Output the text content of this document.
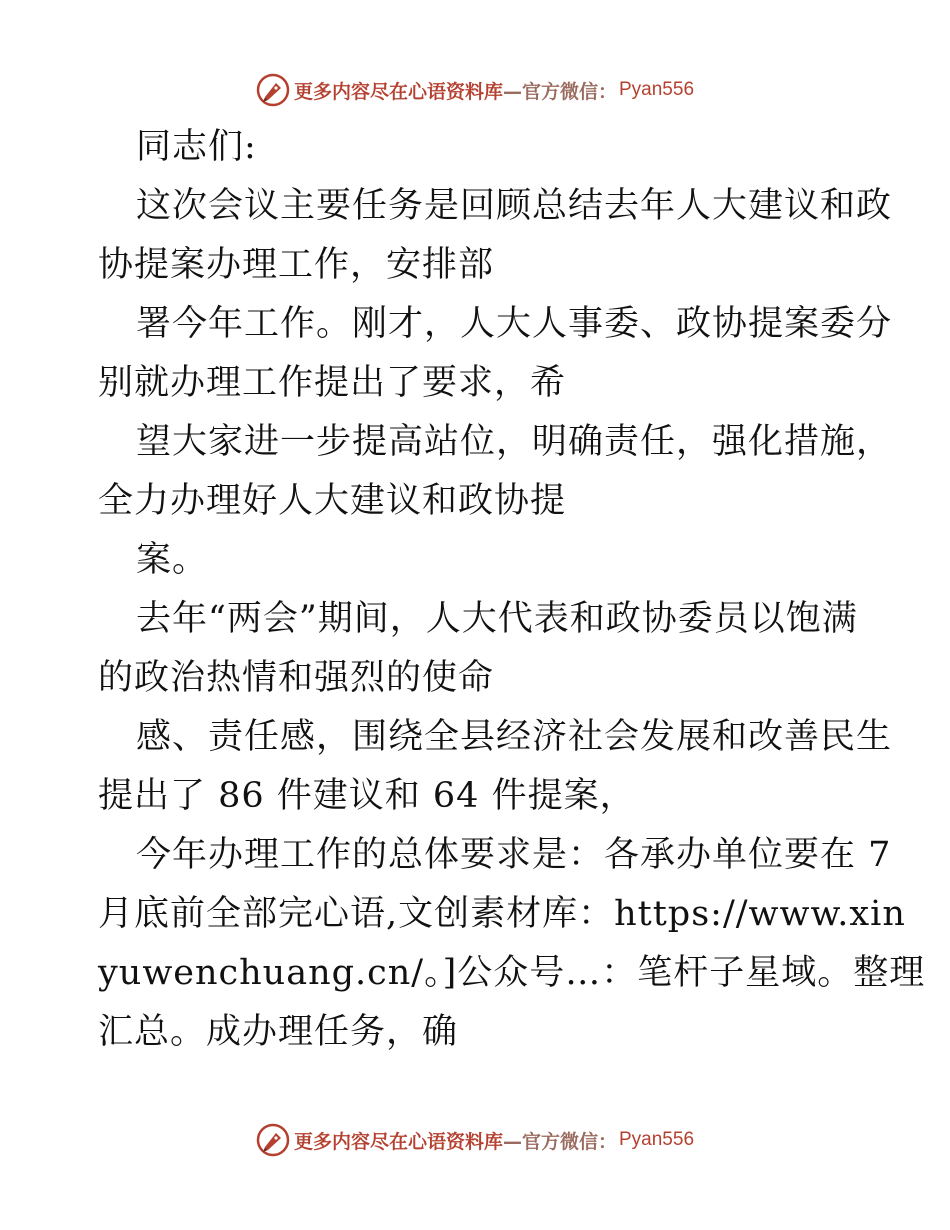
更多内容尽在心语资料库 —官方微信： Pyan556
同志们:
这次会议主要任务是回顾总结去年人大建议和政
协提案办理工作，安排部
署今年工作。刚才，人大人事委、政协提案委分
别就办理工作提出了要求，希
望大家进一步提高站位，明确责任，强化措施，
全力办理好人大建议和政协提
案。
去年“两会”期间，人大代表和政协委员以饱满
的政治热情和强烈的使命
感、责任感，围绕全县经济社会发展和改善民生
提出了 86 件建议和 64 件提案，
今年办理工作的总体要求是：各承办单位要在 7
月底前全部完心语,文创素材库：https://www.xin
yuwenchuang.cn/。]公众号…：笔杆子星域。整理
汇总。成办理任务，确
更多内容尽在心语资料库 —官方微信： Pyan556
